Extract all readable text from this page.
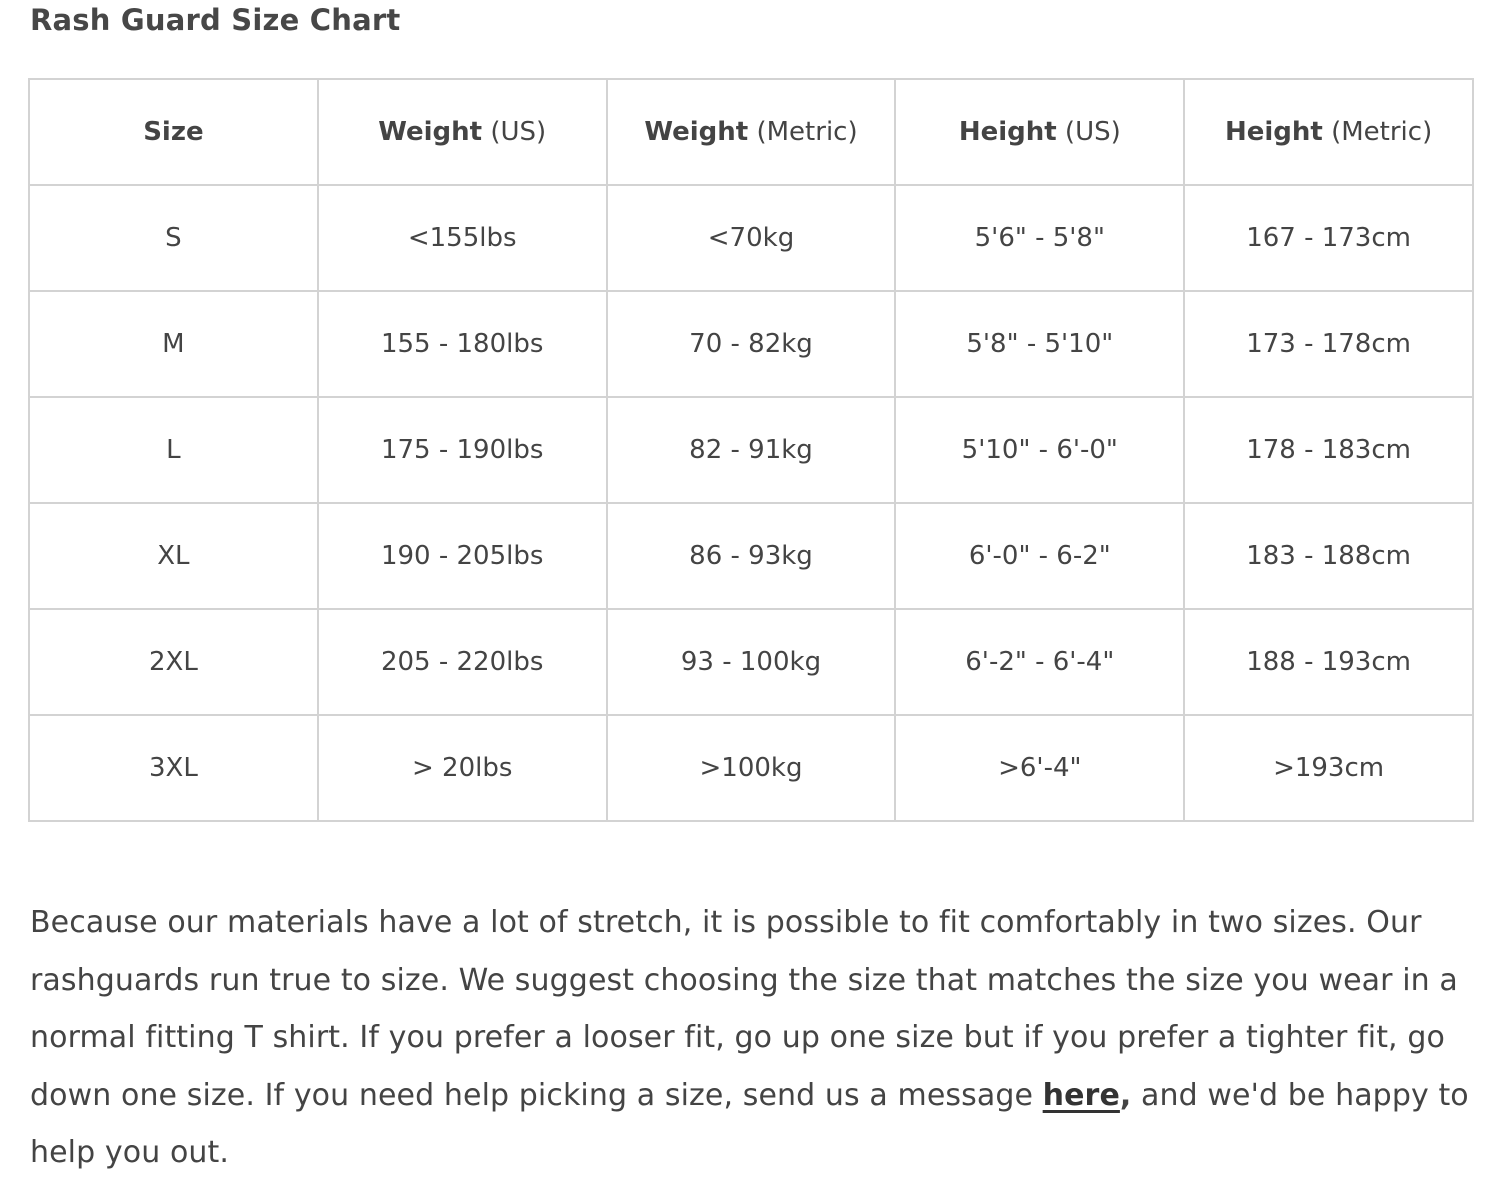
Rash Guard Size Chart
Size	Weight (US)	Weight (Metric)	Height (US)	Height (Metric)
S	<155lbs	<70kg	5'6" - 5'8"	167 - 173cm
M	155 - 180lbs	70 - 82kg	5'8" - 5'10"	173 - 178cm
L	175 - 190lbs	82 - 91kg	5'10" - 6'-0"	178 - 183cm
XL	190 - 205lbs	86 - 93kg	6'-0" - 6-2"	183 - 188cm
2XL	205 - 220lbs	93 - 100kg	6'-2" - 6'-4"	188 - 193cm
3XL	> 20lbs	>100kg	>6'-4"	>193cm

Because our materials have a lot of stretch, it is possible to fit comfortably in two sizes. Our rashguards run true to size. We suggest choosing the size that matches the size you wear in a normal fitting T shirt. If you prefer a looser fit, go up one size but if you prefer a tighter fit, go down one size. If you need help picking a size, send us a message here, and we'd be happy to help you out.
